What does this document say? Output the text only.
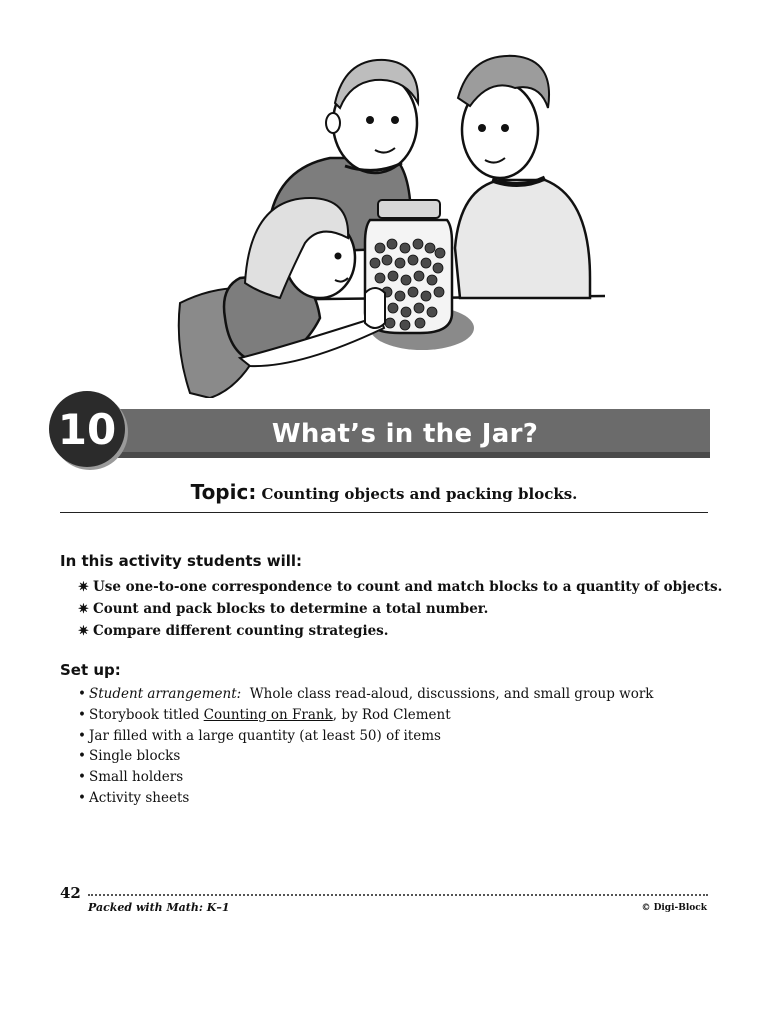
10	What’s in the Jar?
Topic: Counting objects and packing blocks.
In this activity students will:
✷ Use one-to-one correspondence to count and match blocks to a quantity of objects.
✷ Count and pack blocks to determine a total number.
✷ Compare different counting strategies.
Set up:
• Student arrangement: Whole class read-aloud, discussions, and small group work
• Storybook titled Counting on Frank, by Rod Clement
• Jar filled with a large quantity (at least 50) of items
• Single blocks
• Small holders
• Activity sheets
42
Packed with Math: K–1	© Digi-Block
